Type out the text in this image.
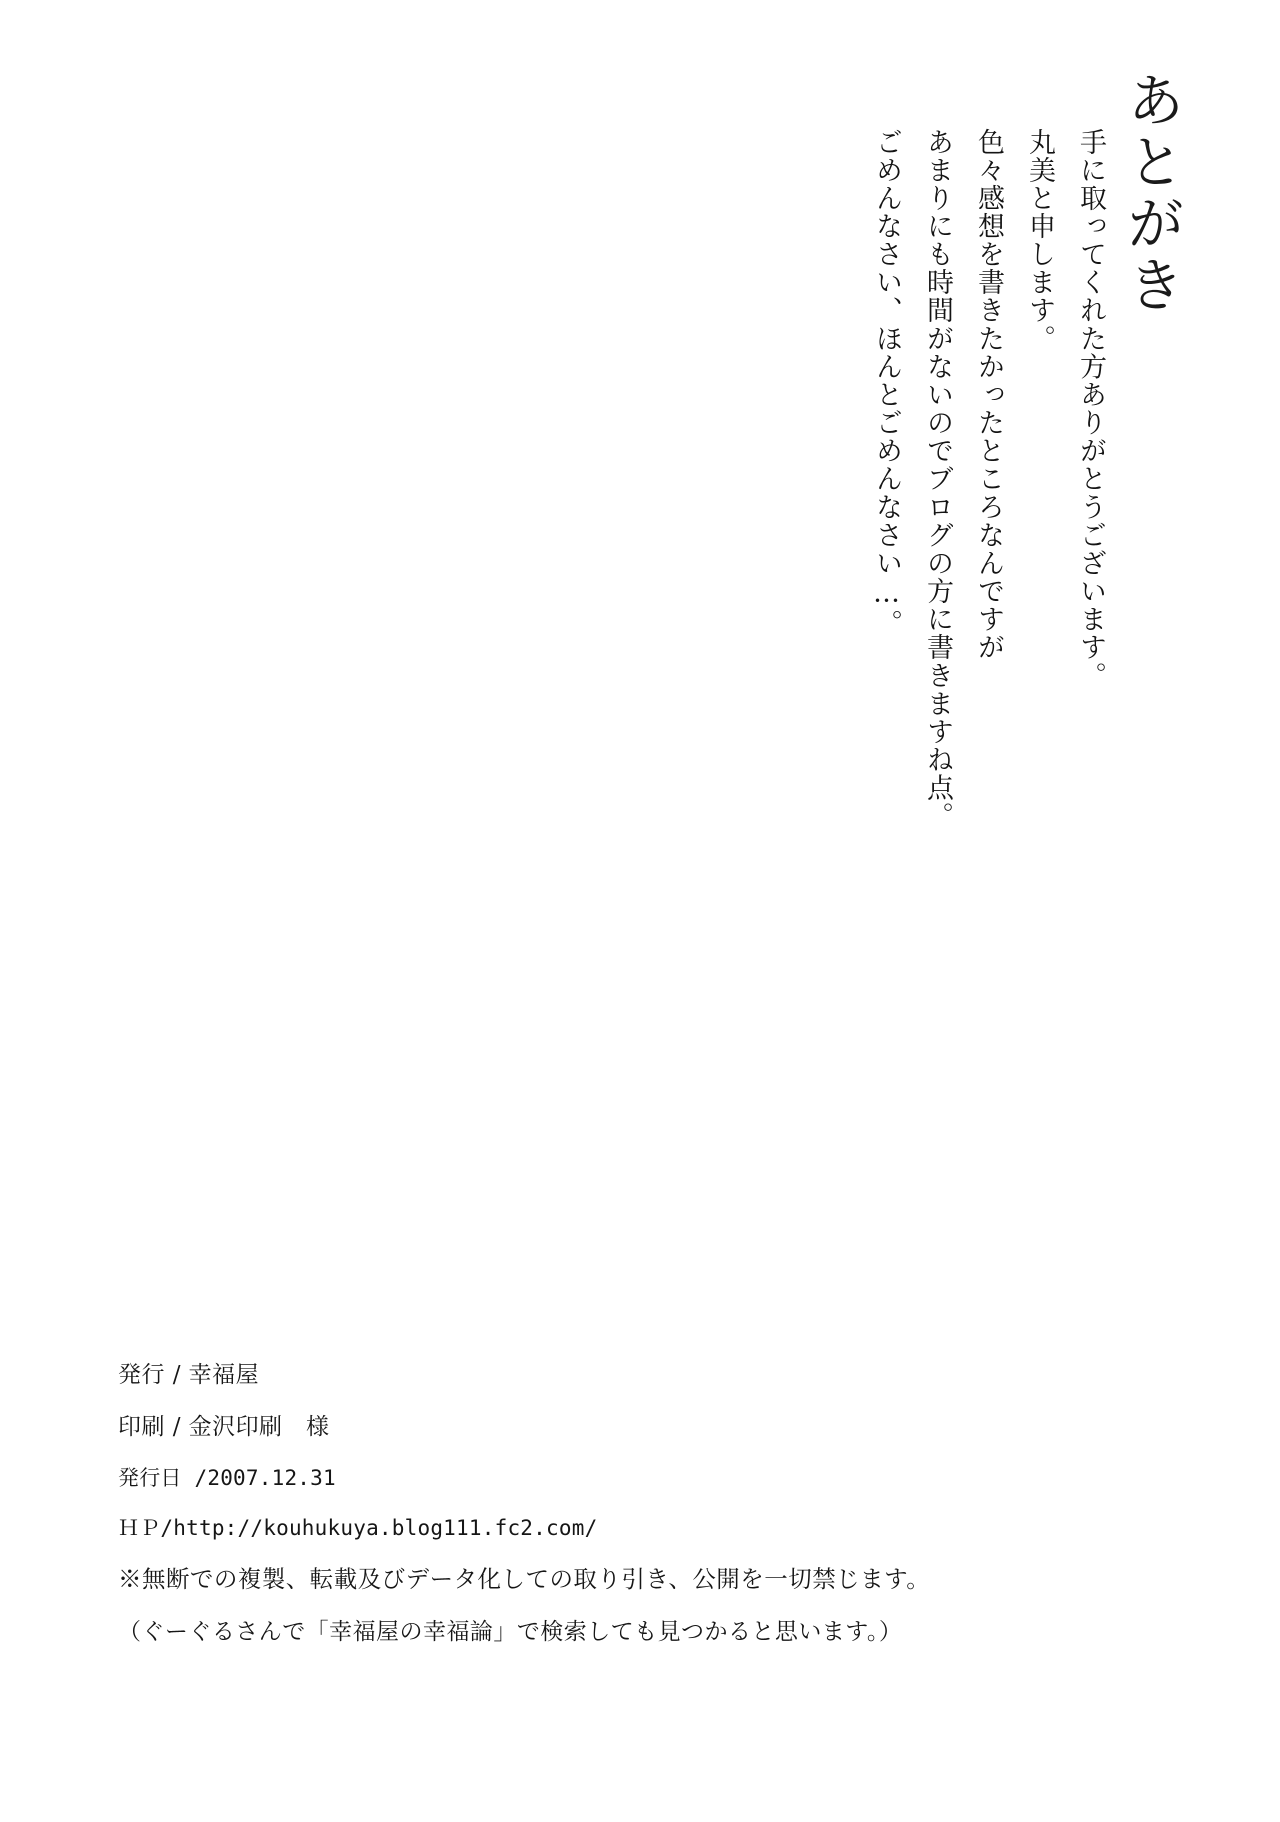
あとがき
手に取ってくれた方ありがとうございます。
丸美と申します。
色々感想を書きたかったところなんですが
あまりにも時間がないのでブログの方に書きますね点。
ごめんなさい、ほんとごめんなさい…。
発行 / 幸福屋
印刷 / 金沢印刷　様
発行日 /2007.12.31
ＨＰ/http://kouhukuya.blog111.fc2.com/
※無断での複製、転載及びデータ化しての取り引き、公開を一切禁じます。
（ぐーぐるさんで「幸福屋の幸福論」で検索しても見つかると思います。）
